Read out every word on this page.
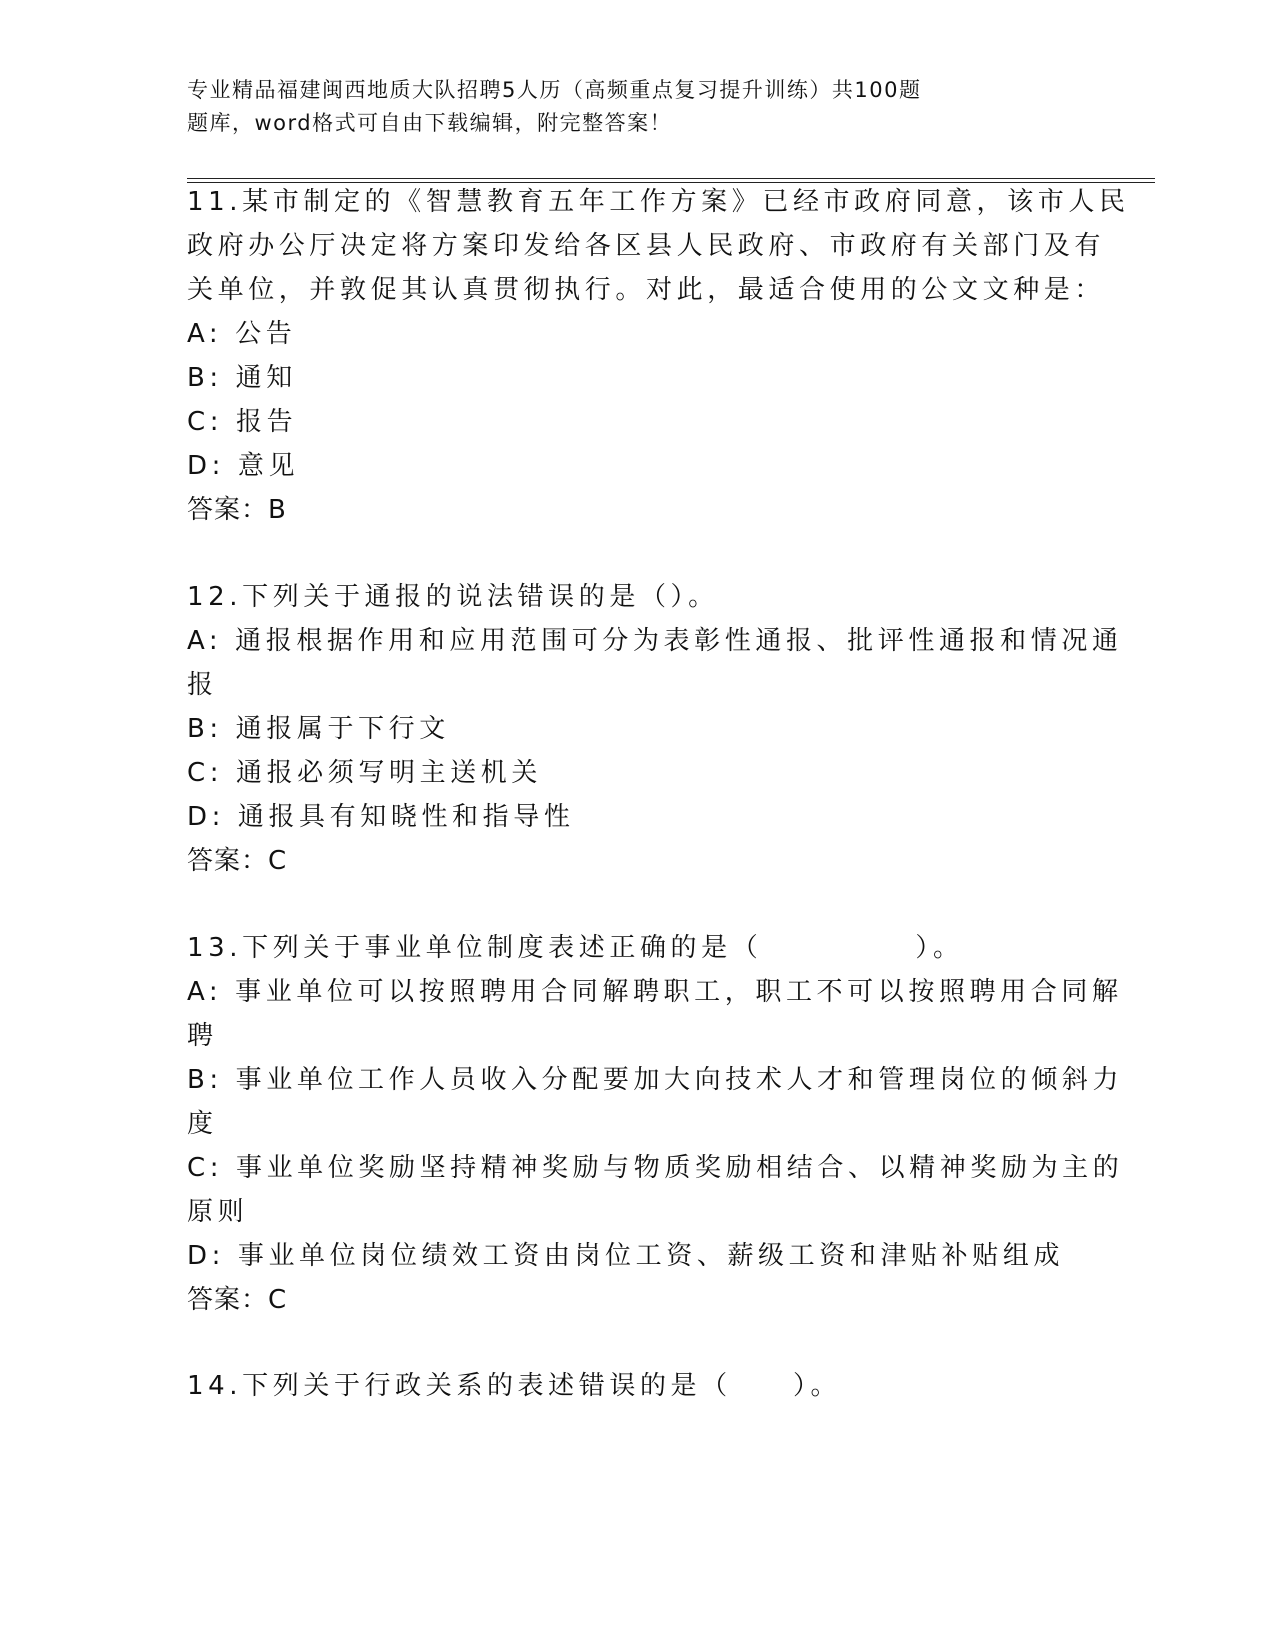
专业精品福建闽西地质大队招聘5人历（高频重点复习提升训练）共100题
题库，word格式可自由下载编辑，附完整答案！
11.某市制定的《智慧教育五年工作方案》已经市政府同意，该市人民
政府办公厅决定将方案印发给各区县人民政府、市政府有关部门及有
关单位，并敦促其认真贯彻执行。对此，最适合使用的公文文种是：
A: 公告
B: 通知
C: 报告
D: 意见
答案：B
12.下列关于通报的说法错误的是（）。
A: 通报根据作用和应用范围可分为表彰性通报、批评性通报和情况通
报
B: 通报属于下行文
C: 通报必须写明主送机关
D: 通报具有知晓性和指导性
答案：C
13.下列关于事业单位制度表述正确的是（　　　　　）。
A: 事业单位可以按照聘用合同解聘职工，职工不可以按照聘用合同解
聘
B: 事业单位工作人员收入分配要加大向技术人才和管理岗位的倾斜力
度
C: 事业单位奖励坚持精神奖励与物质奖励相结合、以精神奖励为主的
原则
D: 事业单位岗位绩效工资由岗位工资、薪级工资和津贴补贴组成
答案：C
14.下列关于行政关系的表述错误的是（　　）。
